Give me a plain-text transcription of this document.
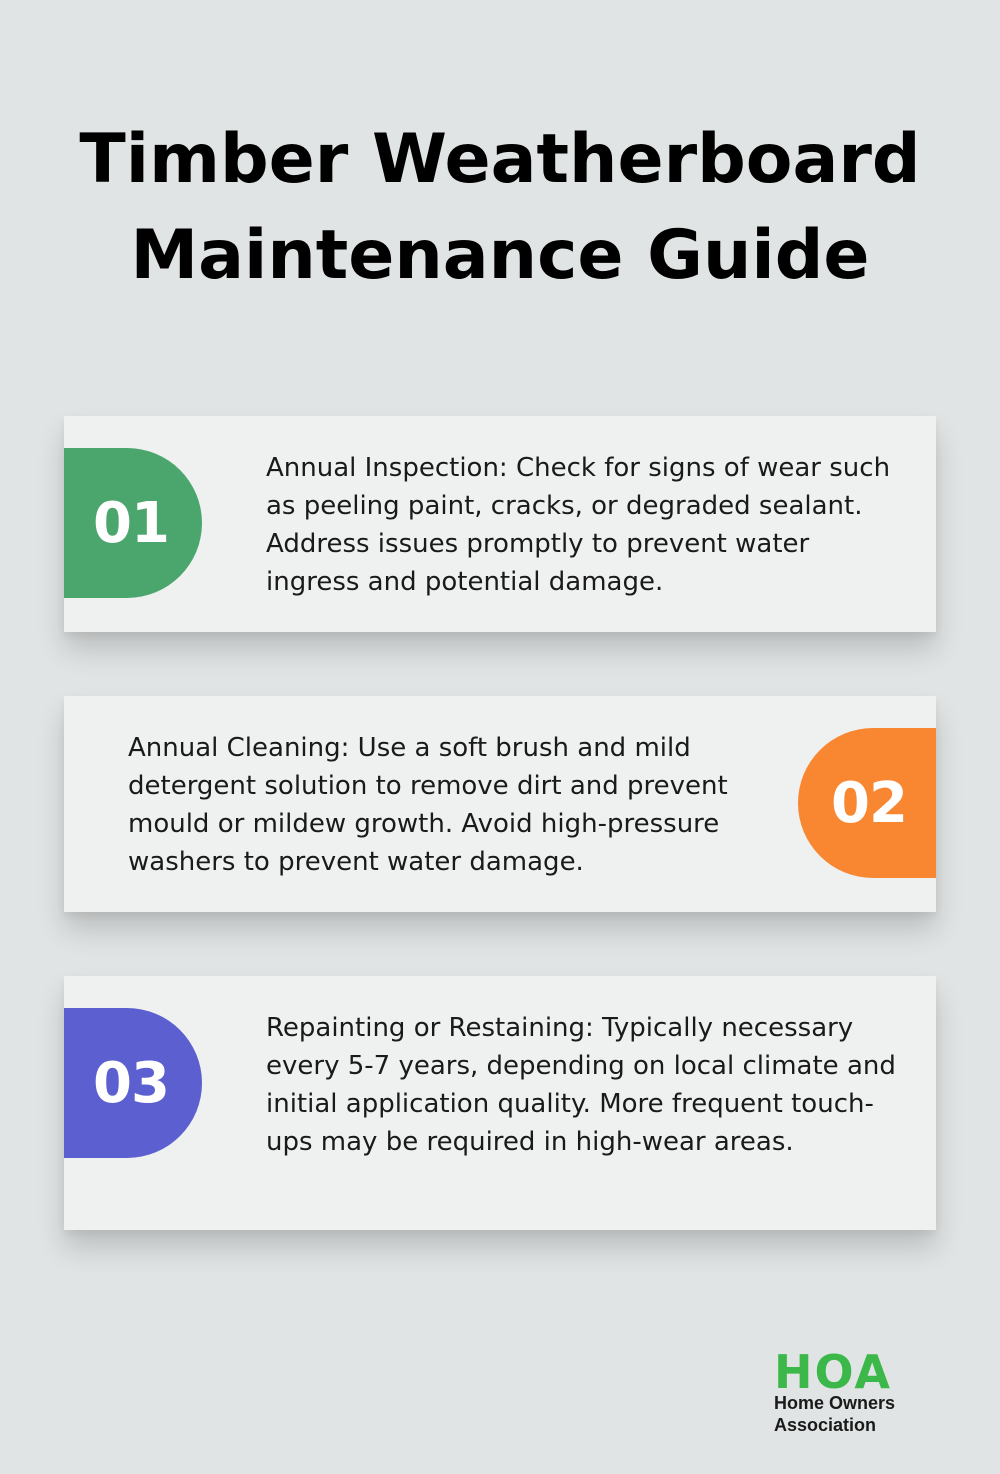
Timber Weatherboard
Maintenance Guide
01

Annual Inspection: Check for signs of wear such as peeling paint, cracks, or degraded sealant. Address issues promptly to prevent water ingress and potential damage.

Annual Cleaning: Use a soft brush and mild detergent solution to remove dirt and prevent mould or mildew growth. Avoid high-pressure washers to prevent water damage.

02
03

Repainting or Restaining: Typically necessary every 5-7 years, depending on local climate and initial application quality. More frequent touch-ups may be required in high-wear areas.

HOA
Home Owners
Association
